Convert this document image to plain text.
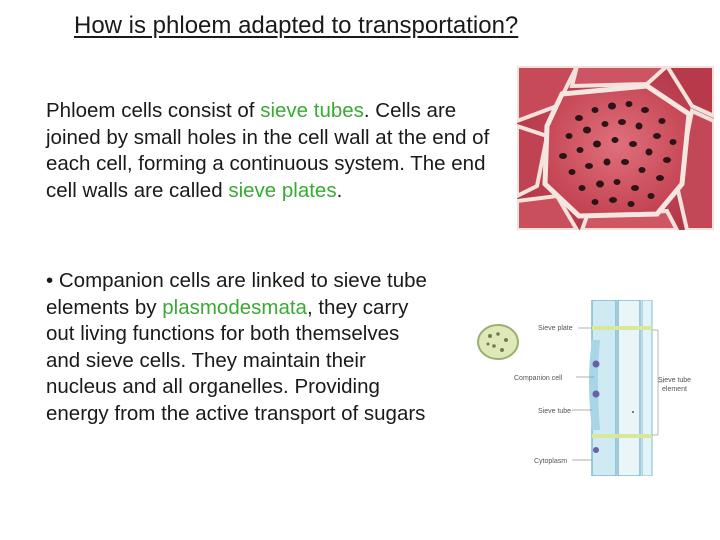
How is phloem adapted to transportation?

Phloem cells consist of sieve tubes. Cells are joined by small holes in the cell wall at the end of each cell, forming a continuous system. The end cell walls are called sieve plates.

• Companion cells are linked to sieve tube elements by plasmodesmata, they carry out living functions for both themselves and sieve cells. They maintain their nucleus and all organelles. Providing energy from the active transport of sugars

Sieve plate
Companion cell
Sieve tube
Cytoplasm
Sieve tube
element
